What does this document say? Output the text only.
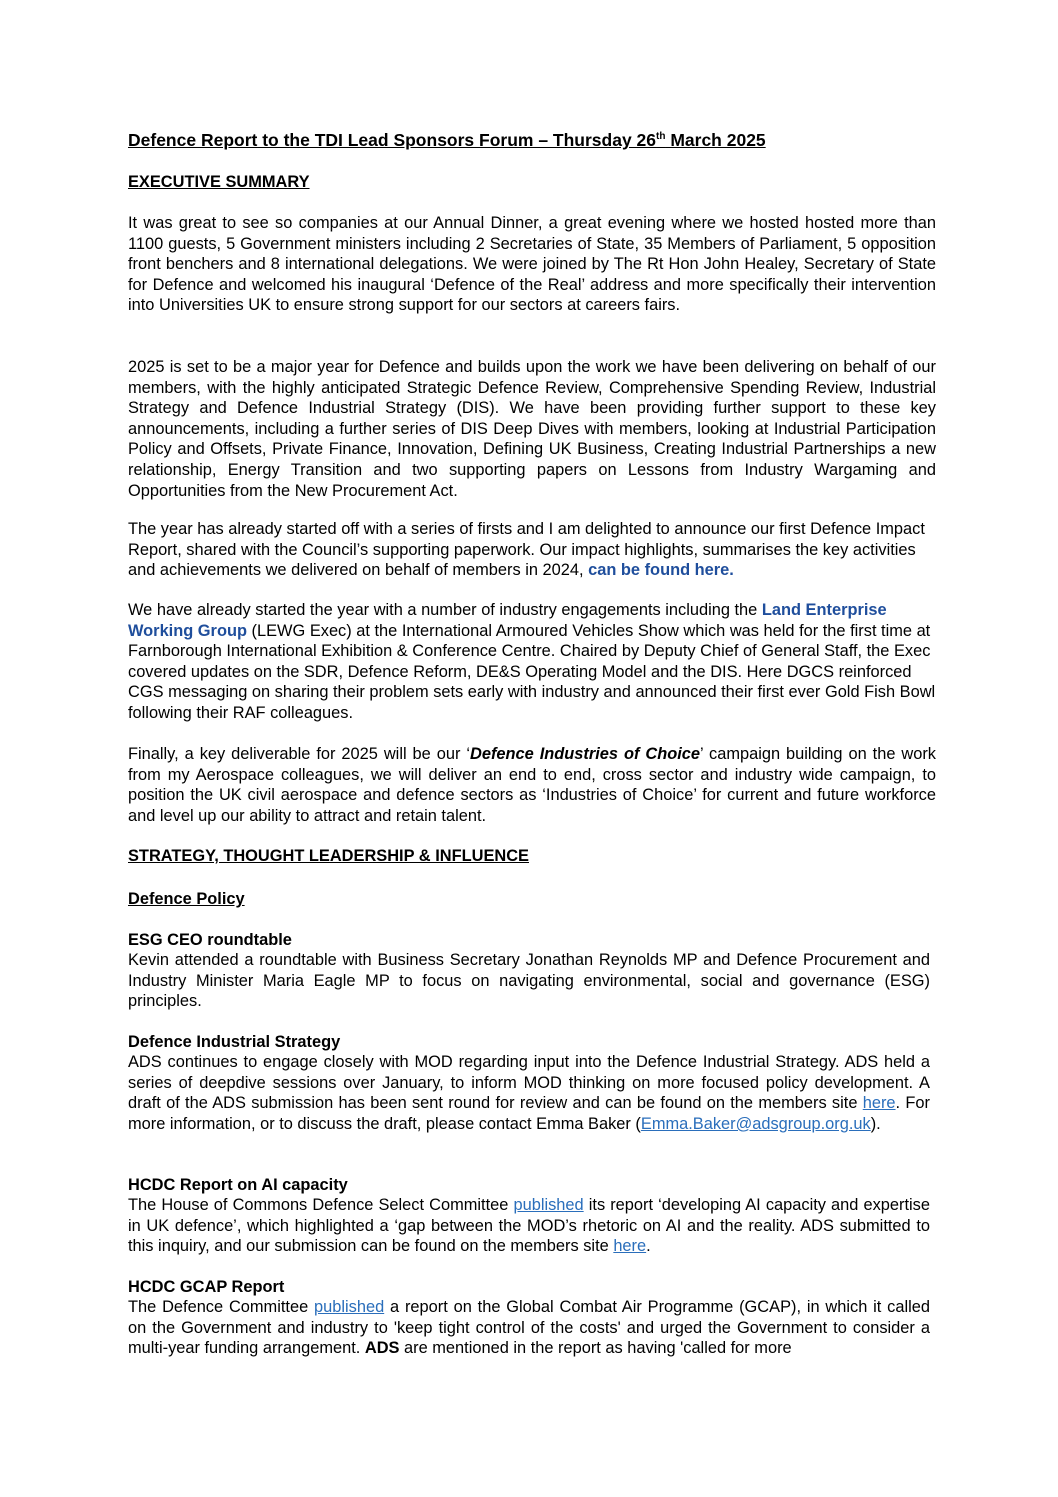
Defence Report to the TDI Lead Sponsors Forum – Thursday 26th March 2025

EXECUTIVE SUMMARY

It was great to see so companies at our Annual Dinner, a great evening where we hosted hosted more than 1100 guests, 5 Government ministers including 2 Secretaries of State, 35 Members of Parliament, 5 opposition front benchers and 8 international delegations. We were joined by The Rt Hon John Healey, Secretary of State for Defence and welcomed his inaugural ‘Defence of the Real’ address and more specifically their intervention into Universities UK to ensure strong support for our sectors at careers fairs.

2025 is set to be a major year for Defence and builds upon the work we have been delivering on behalf of our members, with the highly anticipated Strategic Defence Review, Comprehensive Spending Review, Industrial Strategy and Defence Industrial Strategy (DIS). We have been providing further support to these key announcements, including a further series of DIS Deep Dives with members, looking at Industrial Participation Policy and Offsets, Private Finance, Innovation, Defining UK Business, Creating Industrial Partnerships a new relationship, Energy Transition and two supporting papers on Lessons from Industry Wargaming and Opportunities from the New Procurement Act.

The year has already started off with a series of firsts and I am delighted to announce our first Defence Impact Report, shared with the Council’s supporting paperwork. Our impact highlights, summarises the key activities and achievements we delivered on behalf of members in 2024, can be found here.

We have already started the year with a number of industry engagements including the Land Enterprise Working Group (LEWG Exec) at the International Armoured Vehicles Show which was held for the first time at Farnborough International Exhibition & Conference Centre. Chaired by Deputy Chief of General Staff, the Exec covered updates on the SDR, Defence Reform, DE&S Operating Model and the DIS. Here DGCS reinforced CGS messaging on sharing their problem sets early with industry and announced their first ever Gold Fish Bowl following their RAF colleagues.

Finally, a key deliverable for 2025 will be our ‘Defence Industries of Choice’ campaign building on the work from my Aerospace colleagues, we will deliver an end to end, cross sector and industry wide campaign, to position the UK civil aerospace and defence sectors as ‘Industries of Choice’ for current and future workforce and level up our ability to attract and retain talent.

STRATEGY, THOUGHT LEADERSHIP & INFLUENCE

Defence Policy

ESG CEO roundtable

Kevin attended a roundtable with Business Secretary Jonathan Reynolds MP and Defence Procurement and Industry Minister Maria Eagle MP to focus on navigating environmental, social and governance (ESG) principles.

Defence Industrial Strategy

ADS continues to engage closely with MOD regarding input into the Defence Industrial Strategy. ADS held a series of deepdive sessions over January, to inform MOD thinking on more focused policy development. A draft of the ADS submission has been sent round for review and can be found on the members site here. For more information, or to discuss the draft, please contact Emma Baker (Emma.Baker@adsgroup.org.uk).

HCDC Report on AI capacity

The House of Commons Defence Select Committee published its report ‘developing AI capacity and expertise in UK defence’, which highlighted a ‘gap between the MOD’s rhetoric on AI and the reality. ADS submitted to this inquiry, and our submission can be found on the members site here.

HCDC GCAP Report

The Defence Committee published a report on the Global Combat Air Programme (GCAP), in which it called on the Government and industry to 'keep tight control of the costs' and urged the Government to consider a multi-year funding arrangement. ADS are mentioned in the report as having 'called for more
